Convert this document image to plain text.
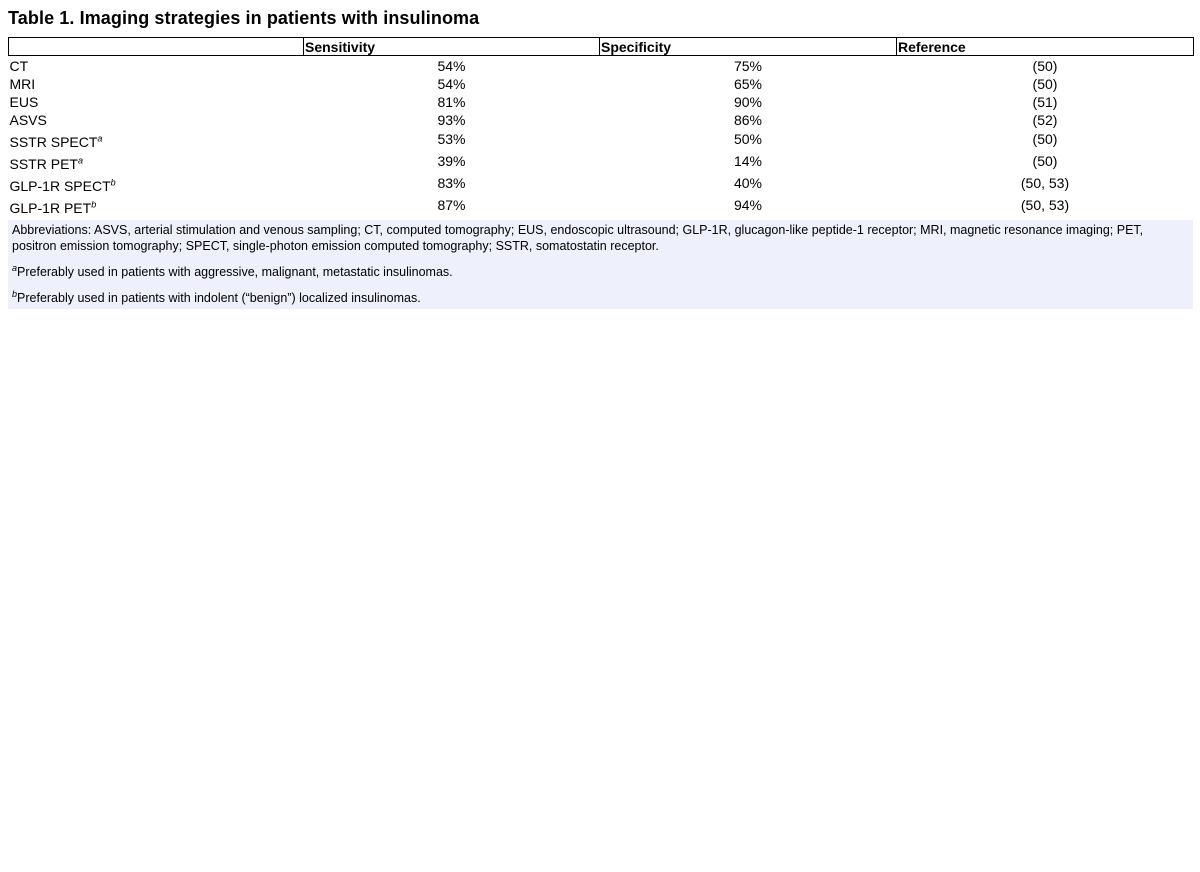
Table 1. Imaging strategies in patients with insulinoma
	Sensitivity	Specificity	Reference
CT	54%	75%	(50)
MRI	54%	65%	(50)
EUS	81%	90%	(51)
ASVS	93%	86%	(52)
SSTR SPECT$^a$	53%	50%	(50)
SSTR PET$^a$	39%	14%	(50)
GLP-1R SPECT$^b$	83%	40%	(50, 53)
GLP-1R PET$^b$	87%	94%	(50, 53)

Abbreviations: ASVS, arterial stimulation and venous sampling; CT, computed tomography; EUS, endoscopic ultrasound; GLP-1R, glucagon-like peptide-1 receptor; MRI, magnetic resonance imaging; PET, positron emission tomography; SPECT, single-photon emission computed tomography; SSTR, somatostatin receptor.

$^a$Preferably used in patients with aggressive, malignant, metastatic insulinomas.

$^b$Preferably used in patients with indolent (“benign”) localized insulinomas.
